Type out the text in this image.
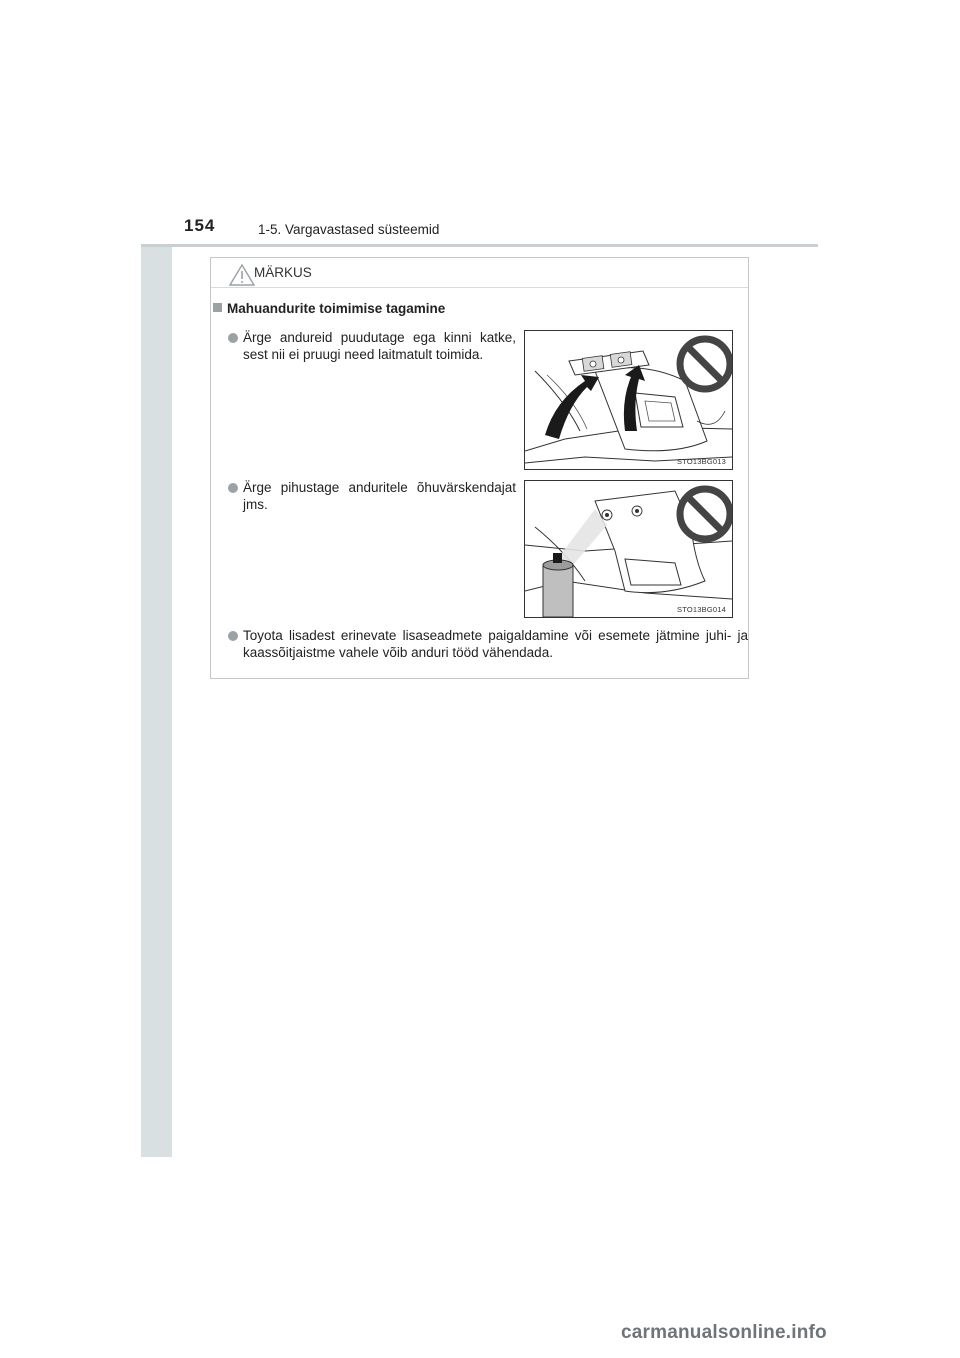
154	1-5. Vargavastased süsteemid
MÄRKUS
Mahuandurite toimimise tagamine
Ärge andureid puudutage ega kinni katke, sest nii ei pruugi need laitmatult toimida.
STO13BG013
Ärge pihustage anduritele õhuvärskendajat jms.
STO13BG014
Toyota lisadest erinevate lisaseadmete paigaldamine või esemete jätmine juhi- ja kaassõitjaistme vahele võib anduri tööd vähendada.
carmanualsonline.info
